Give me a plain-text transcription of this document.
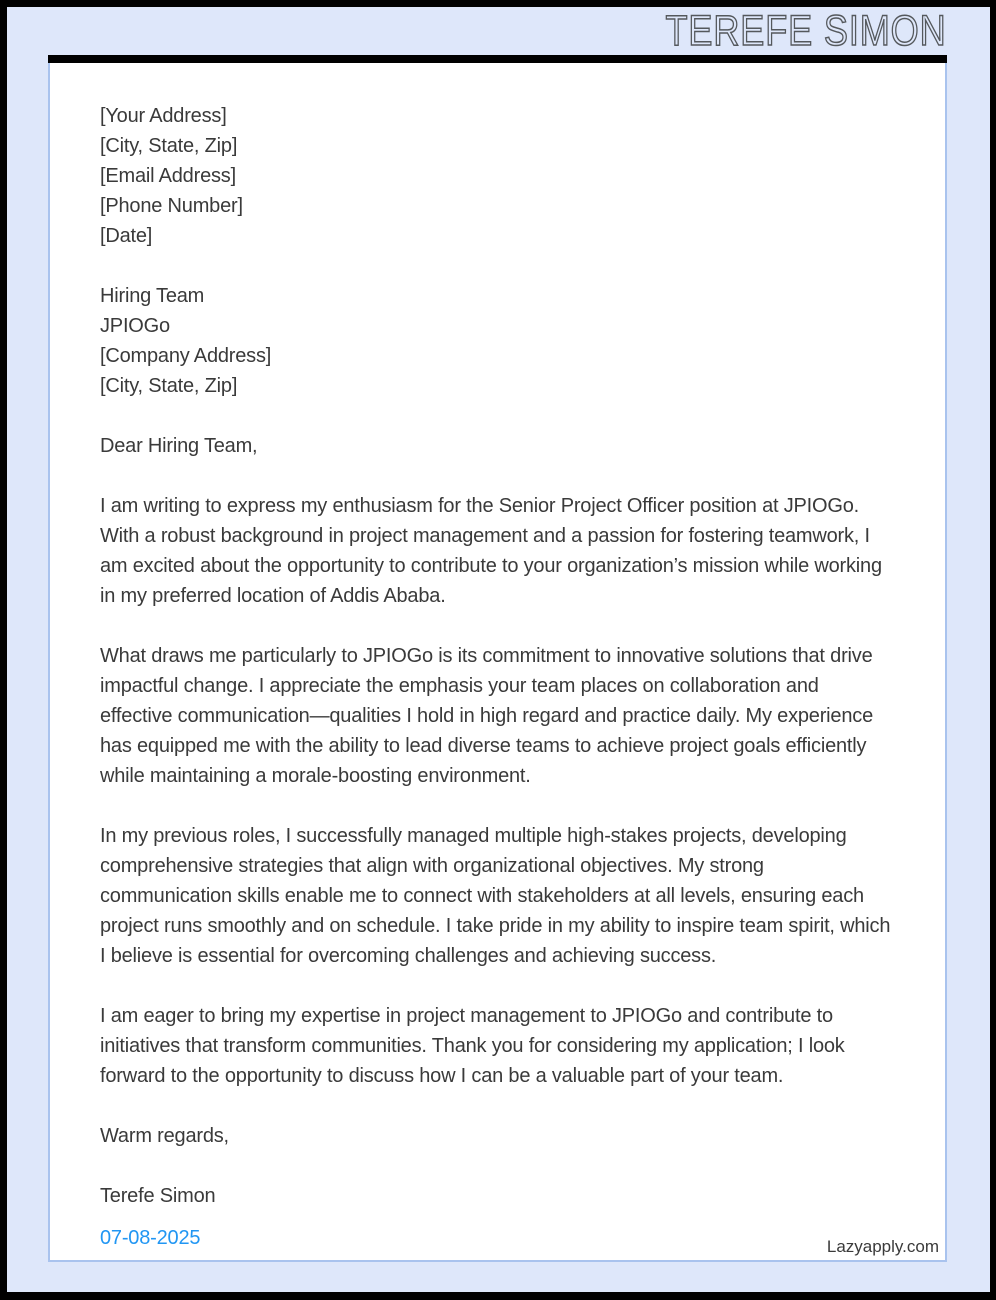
TEREFE SIMON
[Your Address]
[City, State, Zip]
[Email Address]
[Phone Number]
[Date]
Hiring Team
JPIOGo
[Company Address]
[City, State, Zip]

Dear Hiring Team,

I am writing to express my enthusiasm for the Senior Project Officer position at JPIOGo. With a robust background in project management and a passion for fostering teamwork, I am excited about the opportunity to contribute to your organization’s mission while working in my preferred location of Addis Ababa.

What draws me particularly to JPIOGo is its commitment to innovative solutions that drive impactful change. I appreciate the emphasis your team places on collaboration and effective communication—qualities I hold in high regard and practice daily. My experience has equipped me with the ability to lead diverse teams to achieve project goals efficiently while maintaining a morale-boosting environment.

In my previous roles, I successfully managed multiple high-stakes projects, developing comprehensive strategies that align with organizational objectives. My strong communication skills enable me to connect with stakeholders at all levels, ensuring each project runs smoothly and on schedule. I take pride in my ability to inspire team spirit, which I believe is essential for overcoming challenges and achieving success.

I am eager to bring my expertise in project management to JPIOGo and contribute to initiatives that transform communities. Thank you for considering my application; I look forward to the opportunity to discuss how I can be a valuable part of your team.

Warm regards,

Terefe Simon

07-08-2025	Lazyapply.com
